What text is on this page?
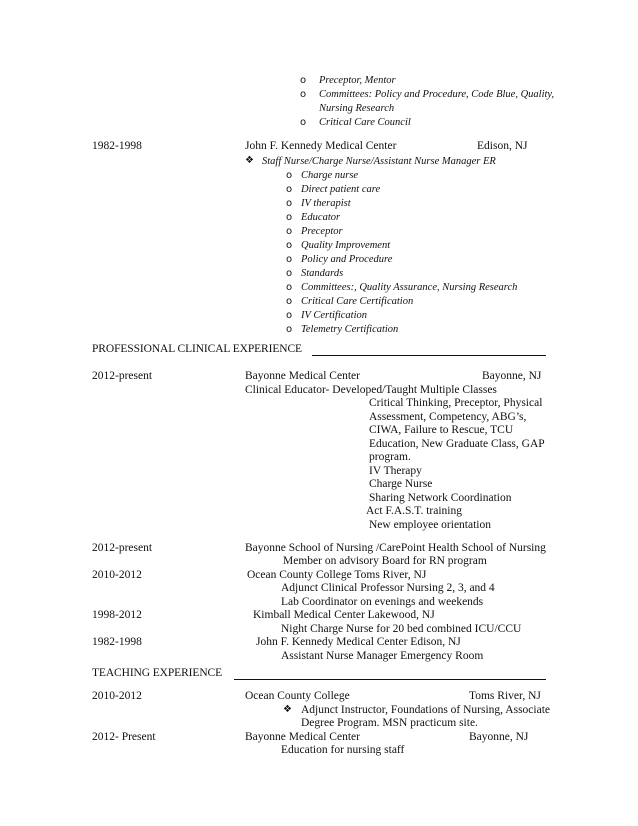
o Preceptor, Mentor
o Committees: Policy and Procedure, Code Blue, Quality,
Nursing Research
o Critical Care Council
1982-1998	John F. Kennedy Medical Center	Edison, NJ
❖ Staff Nurse/Charge Nurse/Assistant Nurse Manager ER
o Charge nurse
o Direct patient care
o IV therapist
o Educator
o Preceptor
o Quality Improvement
o Policy and Procedure
o Standards
o Committees:, Quality Assurance, Nursing Research
o Critical Care Certification
o IV Certification
o Telemetry Certification
PROFESSIONAL CLINICAL EXPERIENCE
2012-present	Bayonne Medical Center	Bayonne, NJ
Clinical Educator- Developed/Taught Multiple Classes
Critical Thinking, Preceptor, Physical
Assessment, Competency, ABG’s,
CIWA, Failure to Rescue, TCU
Education, New Graduate Class, GAP
program.
IV Therapy
Charge Nurse
Sharing Network Coordination
Act F.A.S.T. training
New employee orientation
2012-present	Bayonne School of Nursing /CarePoint Health School of Nursing
Member on advisory Board for RN program
2010-2012	Ocean County College Toms River, NJ
Adjunct Clinical Professor Nursing 2, 3, and 4
Lab Coordinator on evenings and weekends
1998-2012	Kimball Medical Center Lakewood, NJ
Night Charge Nurse for 20 bed combined ICU/CCU
1982-1998	John F. Kennedy Medical Center Edison, NJ
Assistant Nurse Manager Emergency Room
TEACHING EXPERIENCE
2010-2012	Ocean County College	Toms River, NJ
❖ Adjunct Instructor, Foundations of Nursing, Associate
Degree Program. MSN practicum site.
2012- Present	Bayonne Medical Center	Bayonne, NJ
Education for nursing staff
